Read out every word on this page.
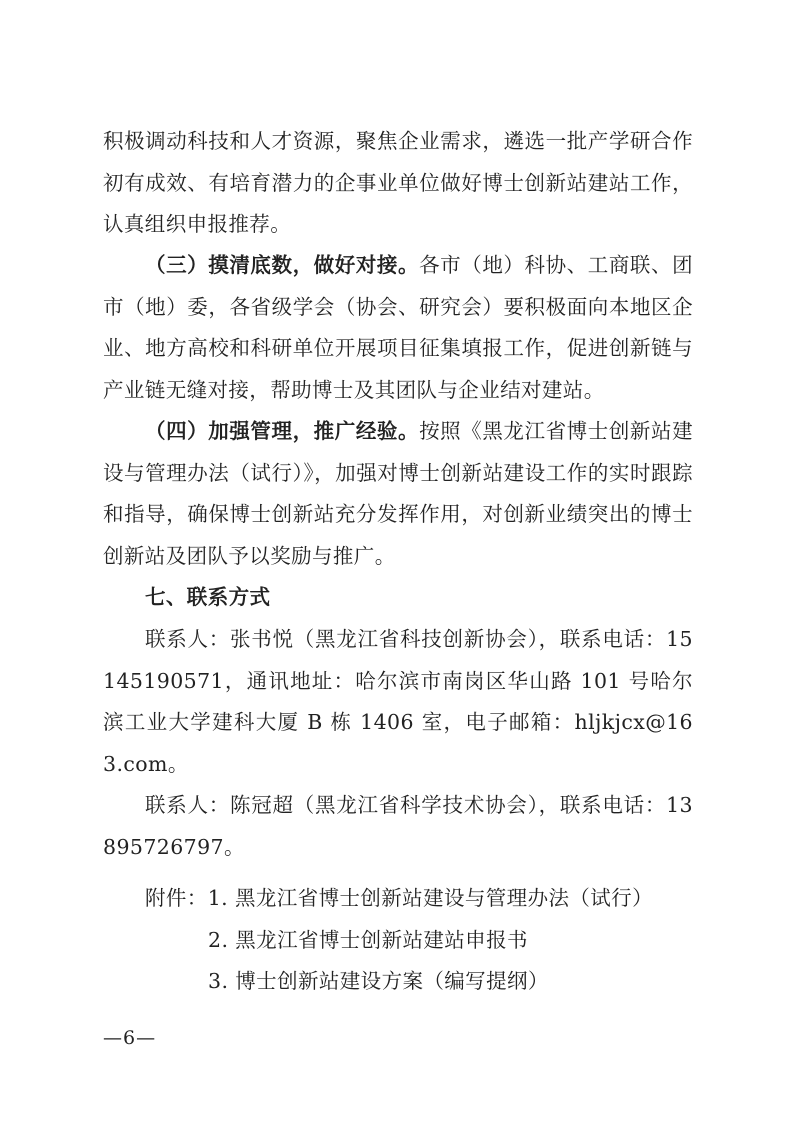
积极调动科技和人才资源，聚焦企业需求，遴选一批产学研合作初有成效、有培育潜力的企事业单位做好博士创新站建站工作，认真组织申报推荐。

（三）摸清底数，做好对接。各市（地）科协、工商联、团市（地）委，各省级学会（协会、研究会）要积极面向本地区企业、地方高校和科研单位开展项目征集填报工作，促进创新链与产业链无缝对接，帮助博士及其团队与企业结对建站。

（四）加强管理，推广经验。按照《黑龙江省博士创新站建设与管理办法（试行）》，加强对博士创新站建设工作的实时跟踪和指导，确保博士创新站充分发挥作用，对创新业绩突出的博士创新站及团队予以奖励与推广。

七、联系方式

联系人：张书悦（黑龙江省科技创新协会），联系电话：15145190571，通讯地址：哈尔滨市南岗区华山路 101 号哈尔滨工业大学建科大厦 B 栋 1406 室，电子邮箱：hljkjcx@163.com。

联系人：陈冠超（黑龙江省科学技术协会），联系电话：13895726797。

附件：1. 黑龙江省博士创新站建设与管理办法（试行）

2. 黑龙江省博士创新站建站申报书

3. 博士创新站建设方案（编写提纲）

—6—
